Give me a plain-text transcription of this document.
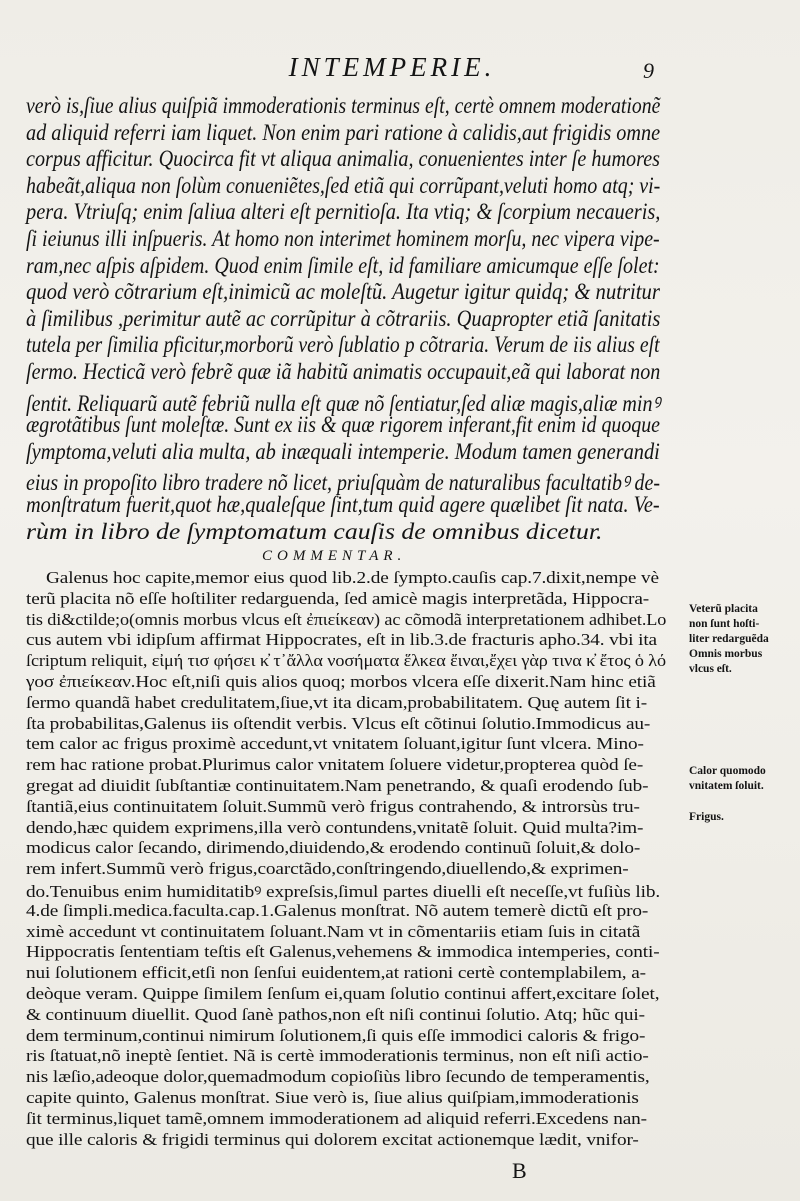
INTEMPERIE.	9
verò is,ſiue alius quiſpiã immoderationis terminus eſt, certè omnem moderationẽ
ad aliquid referri iam liquet. Non enim pari ratione à calidis,aut frigidis omne
corpus afficitur. Quocirca fit vt aliqua animalia, conuenientes inter ſe humores
habeãt,aliqua non ſolùm conueniẽtes,ſed etiã qui corrũpant,veluti homo atq; vi-
pera. Vtriuſq; enim ſaliua alteri eſt pernitioſa. Ita vtiq; & ſcorpium necaueris,
ſi ieiunus illi inſpueris. At homo non interimet hominem morſu, nec vipera vipe-
ram,nec aſpis aſpidem. Quod enim ſimile eſt, id familiare amicumque eſſe ſolet:
quod verò cõtrarium eſt,inimicũ ac moleſtũ. Augetur igitur quidq; & nutritur
à ſimilibus ,perimitur autẽ ac corrũpitur à cõtrariis. Quapropter etiã ſanitatis
tutela per ſimilia pficitur,morborũ verò ſublatio p cõtraria. Verum de iis alius eſt
ſermo. Hecticã verò febrẽ quæ iã habitũ animatis occupauit,eã qui laborat non
ſentit. Reliquarũ autẽ febriũ nulla eſt quæ nõ ſentiatur,ſed aliæ magis,aliæ minꝰ
ægrotãtibus ſunt moleſtæ. Sunt ex iis & quæ rigorem inferant,fit enim id quoque
ſymptoma,veluti alia multa, ab inæquali intemperie. Modum tamen generandi
eius in propoſito libro tradere nõ licet, priuſquàm de naturalibus facultatibꝰ de-
monſtratum fuerit,quot hæ,qualeſque ſint,tum quid agere quælibet ſit nata. Ve-
rùm in libro de ſymptomatum cauſis de omnibus dicetur.
COMMENTAR.
Galenus hoc capite,memor eius quod lib.2.de ſympto.cauſis cap.7.dixit,nempe vè
terũ placita nõ eſſe hoſtiliter redarguenda, ſed amicè magis interpretãda, Hippocra-
tis di&ctilde;o(omnis morbus vlcus eſt ἐπιείκεαν) ac cõmodã interpretationem adhibet.Lo
cus autem vbi idipſum affirmat Hippocrates, eſt in lib.3.de fracturis apho.34. vbi ita
ſcriptum reliquit, εἰμή τισ φήσει κ̓ τ᾽ἄλλα νοσήματα ἕλκεα ἔιναι,ἔχει γὰρ τινα κ̓ ἔτος ὁ λό
γοσ ἐπιείκεαν.Hoc eſt,niſi quis alios quoq; morbos vlcera eſſe dixerit.Nam hinc etiã
ſermo quandã habet credulitatem,ſiue,vt ita dicam,probabilitatem. Quę autem ſit i-
ſta probabilitas,Galenus iis oſtendit verbis. Vlcus eſt cõtinui ſolutio.Immodicus au-
tem calor ac frigus proximè accedunt,vt vnitatem ſoluant,igitur ſunt vlcera. Mino-
rem hac ratione probat.Plurimus calor vnitatem ſoluere videtur,propterea quòd ſe-
gregat ad diuidit ſubſtantiæ continuitatem.Nam penetrando, & quaſi erodendo ſub-
ſtantiã,eius continuitatem ſoluit.Summũ verò frigus contrahendo, & introrsùs tru-
dendo,hæc quidem exprimens,illa verò contundens,vnitatẽ ſoluit. Quid multa?im-
modicus calor ſecando, dirimendo,diuidendo,& erodendo continuũ ſoluit,& dolo-
rem infert.Summũ verò frigus,coarctãdo,conſtringendo,diuellendo,& exprimen-
do.Tenuibus enim humiditatibꝰ expreſsis,ſimul partes diuelli eſt neceſſe,vt fuſiùs lib.
4.de ſimpli.medica.faculta.cap.1.Galenus monſtrat. Nõ autem temerè dictũ eſt pro-
ximè accedunt vt continuitatem ſoluant.Nam vt in cõmentariis etiam ſuis in citatã
Hippocratis ſententiam teſtis eſt Galenus,vehemens & immodica intemperies, conti-
nui ſolutionem efficit,etſi non ſenſui euidentem,at rationi certè contemplabilem, a-
deòque veram. Quippe ſimilem ſenſum ei,quam ſolutio continui affert,excitare ſolet,
& continuum diuellit. Quod ſanè pathos,non eſt niſi continui ſolutio. Atq; hũc qui-
dem terminum,continui nimirum ſolutionem,ſi quis eſſe immodici caloris & frigo-
ris ſtatuat,nõ ineptè ſentiet. Nã is certè immoderationis terminus, non eſt niſi actio-
nis læſio,adeoque dolor,quemadmodum copioſiùs libro ſecundo de temperamentis,
capite quinto, Galenus monſtrat. Siue verò is, ſiue alius quiſpiam,immoderationis
ſit terminus,liquet tamẽ,omnem immoderationem ad aliquid referri.Excedens nan-
que ille caloris & frigidi terminus qui dolorem excitat actionemque lædit, vnifor-
Veterũ placita
non ſunt hoſti-
liter redarguẽda
Omnis morbus
vlcus eſt.
Calor quomodo
vnitatem ſoluit.
Frigus.
B
